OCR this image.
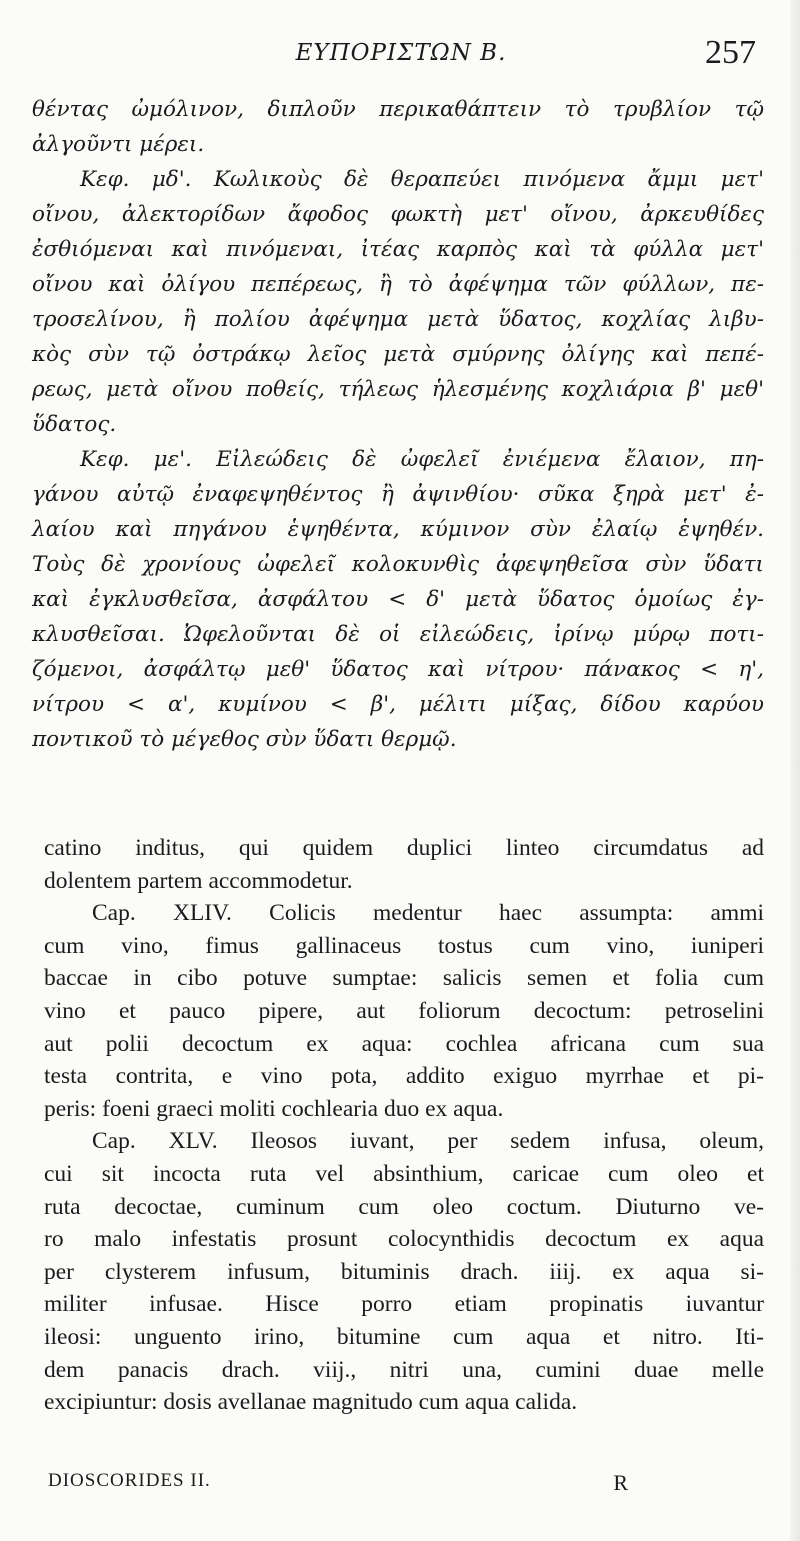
ΕΥΠΟΡΙΣΤΩΝ Β.	257
θέντας ὠμόλινον, διπλοῦν περικαθάπτειν τὸ τρυβλίον τῷ
ἀλγοῦντι μέρει.
Κεφ. μδ'. Κωλικοὺς δὲ θεραπεύει πινόμενα ἄμμι μετ'
οἴνου, ἀλεκτορίδων ἄφοδος φωκτὴ μετ' οἴνου, ἀρκευθίδες
ἐσθιόμεναι καὶ πινόμεναι, ἰτέας καρπὸς καὶ τὰ φύλλα μετ'
οἴνου καὶ ὀλίγου πεπέρεως, ἢ τὸ ἀφέψημα τῶν φύλλων, πε-
τροσελίνου, ἢ πολίου ἀφέψημα μετὰ ὕδατος, κοχλίας λιβυ-
κὸς σὺν τῷ ὀστράκῳ λεῖος μετὰ σμύρνης ὀλίγης καὶ πεπέ-
ρεως, μετὰ οἴνου ποθείς, τήλεως ἡλεσμένης κοχλιάρια β' μεθ'
ὕδατος.
Κεφ. με'. Εἰλεώδεις δὲ ὠφελεῖ ἐνιέμενα ἔλαιον, πη-
γάνου αὐτῷ ἐναφεψηθέντος ἢ ἀψινθίου· σῦκα ξηρὰ μετ' ἐ-
λαίου καὶ πηγάνου ἑψηθέντα, κύμινον σὺν ἐλαίῳ ἑψηθέν.
Τοὺς δὲ χρονίους ὠφελεῖ κολοκυνθὶς ἀφεψηθεῖσα σὺν ὕδατι
καὶ ἐγκλυσθεῖσα, ἀσφάλτου < δ' μετὰ ὕδατος ὁμοίως ἐγ-
κλυσθεῖσαι. Ὠφελοῦνται δὲ οἱ εἰλεώδεις, ἰρίνῳ μύρῳ ποτι-
ζόμενοι, ἀσφάλτῳ μεθ' ὕδατος καὶ νίτρου· πάνακος < η',
νίτρου < α', κυμίνου < β', μέλιτι μίξας, δίδου καρύου
ποντικοῦ τὸ μέγεθος σὺν ὕδατι θερμῷ.
catino inditus, qui quidem duplici linteo circumdatus ad
dolentem partem accommodetur.
Cap. XLIV. Colicis medentur haec assumpta: ammi
cum vino, fimus gallinaceus tostus cum vino, iuniperi
baccae in cibo potuve sumptae: salicis semen et folia cum
vino et pauco pipere, aut foliorum decoctum: petroselini
aut polii decoctum ex aqua: cochlea africana cum sua
testa contrita, e vino pota, addito exiguo myrrhae et pi-
peris: foeni graeci moliti cochlearia duo ex aqua.
Cap. XLV. Ileosos iuvant, per sedem infusa, oleum,
cui sit incocta ruta vel absinthium, caricae cum oleo et
ruta decoctae, cuminum cum oleo coctum. Diuturno ve-
ro malo infestatis prosunt colocynthidis decoctum ex aqua
per clysterem infusum, bituminis drach. iiij. ex aqua si-
militer infusae. Hisce porro etiam propinatis iuvantur
ileosi: unguento irino, bitumine cum aqua et nitro. Iti-
dem panacis drach. viij., nitri una, cumini duae melle
excipiuntur: dosis avellanae magnitudo cum aqua calida.
DIOSCORIDES II.	R
